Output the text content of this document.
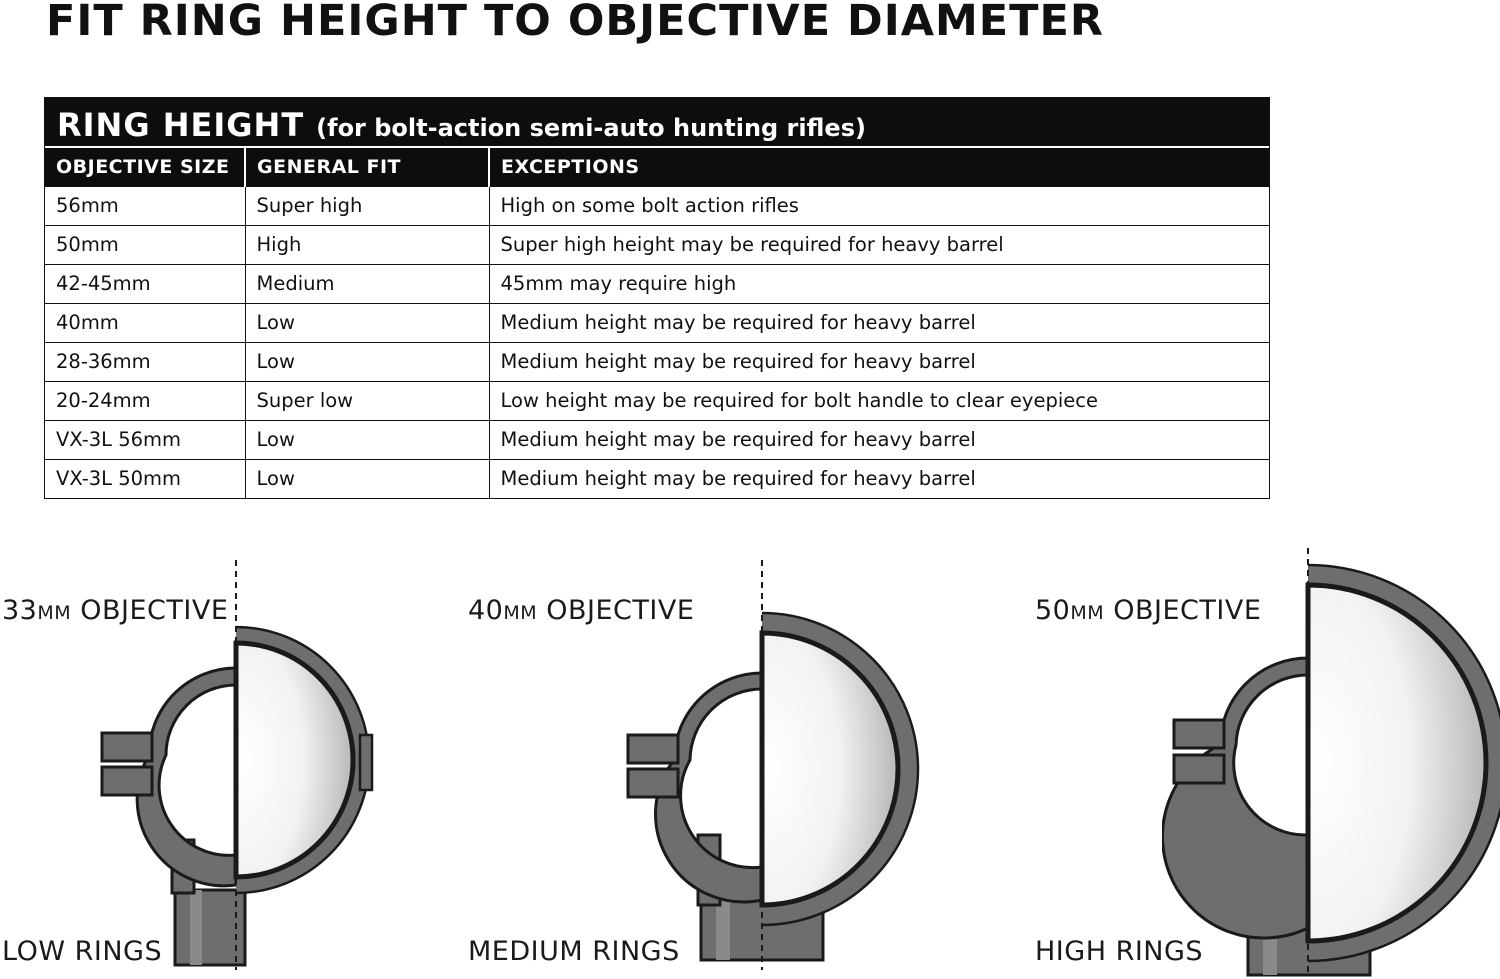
FIT RING HEIGHT TO OBJECTIVE DIAMETER
RING HEIGHT (for bolt-action semi-auto hunting rifles)
OBJECTIVE SIZE	GENERAL FIT	EXCEPTIONS
56mm	Super high	High on some bolt action rifles
50mm	High	Super high height may be required for heavy barrel
42-45mm	Medium	45mm may require high
40mm	Low	Medium height may be required for heavy barrel
28-36mm	Low	Medium height may be required for heavy barrel
20-24mm	Super low	Low height may be required for bolt handle to clear eyepiece
VX-3L 56mm	Low	Medium height may be required for heavy barrel
VX-3L 50mm	Low	Medium height may be required for heavy barrel
33MM OBJECTIVE	40MM OBJECTIVE	50MM OBJECTIVE
LOW RINGS	MEDIUM RINGS	HIGH RINGS
